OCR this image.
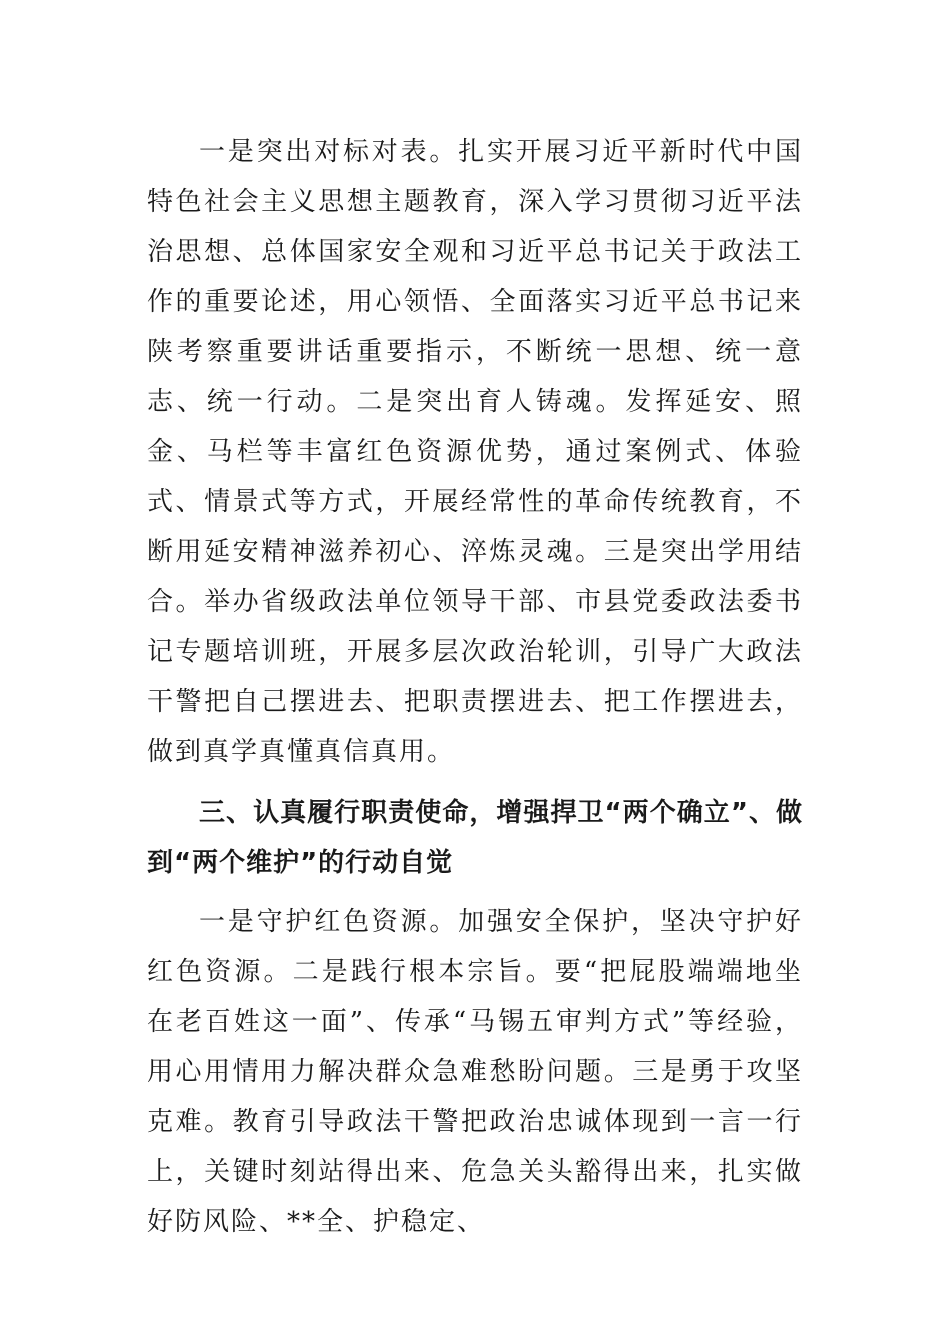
一是突出对标对表。扎实开展习近平新时代中国特色社会主义思想主题教育，深入学习贯彻习近平法治思想、总体国家安全观和习近平总书记关于政法工作的重要论述，用心领悟、全面落实习近平总书记来陕考察重要讲话重要指示，不断统一思想、统一意志、统一行动。二是突出育人铸魂。发挥延安、照金、马栏等丰富红色资源优势，通过案例式、体验式、情景式等方式，开展经常性的革命传统教育，不断用延安精神滋养初心、淬炼灵魂。三是突出学用结合。举办省级政法单位领导干部、市县党委政法委书记专题培训班，开展多层次政治轮训，引导广大政法干警把自己摆进去、把职责摆进去、把工作摆进去，做到真学真懂真信真用。

三、认真履行职责使命，增强捍卫“两个确立”、做到“两个维护”的行动自觉

一是守护红色资源。加强安全保护，坚决守护好红色资源。二是践行根本宗旨。要“把屁股端端地坐在老百姓这一面”、传承“马锡五审判方式”等经验，用心用情用力解决群众急难愁盼问题。三是勇于攻坚克难。教育引导政法干警把政治忠诚体现到一言一行上，关键时刻站得出来、危急关头豁得出来，扎实做好防风险、**全、护稳定、
